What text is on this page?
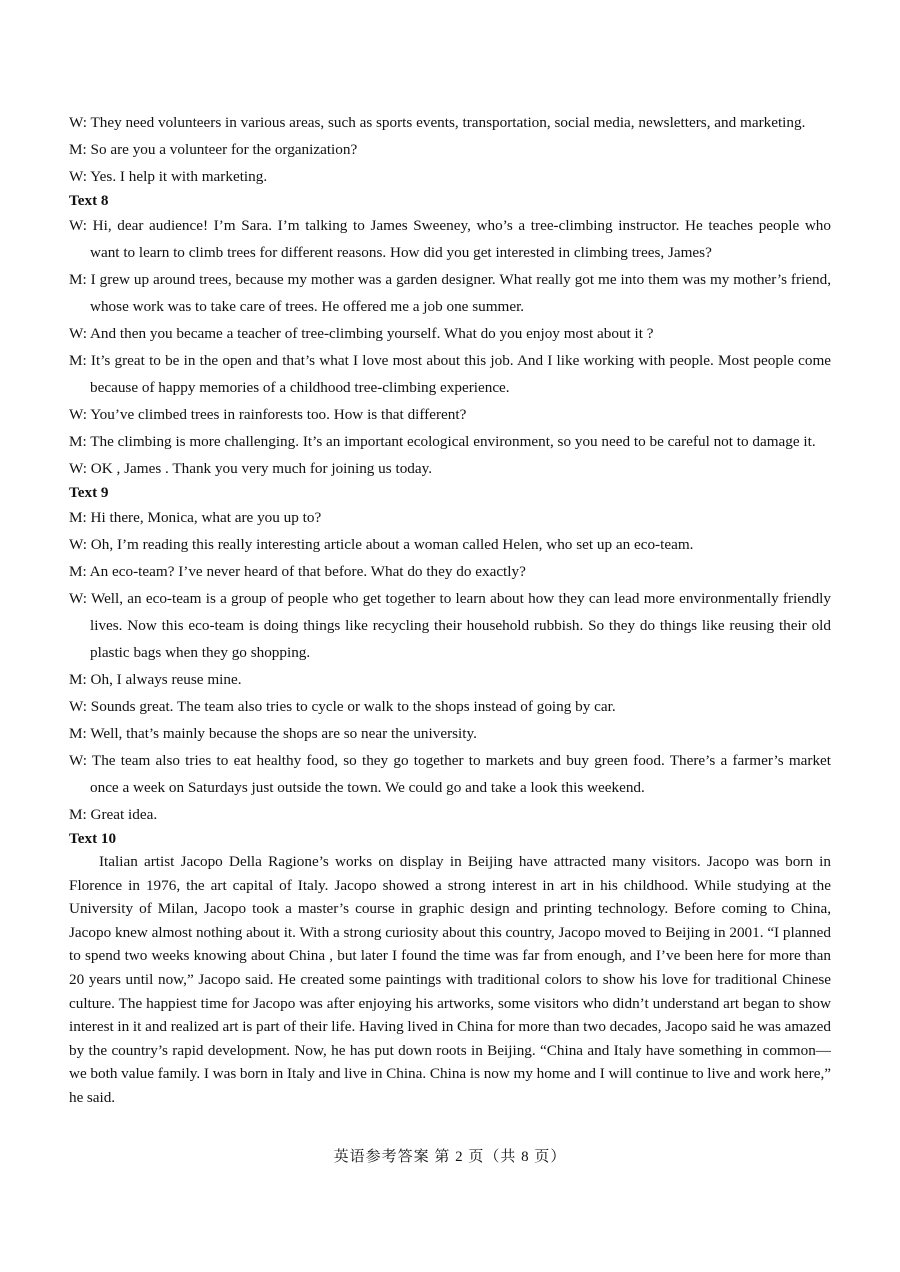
W: They need volunteers in various areas, such as sports events, transportation, social media, newsletters, and marketing.

M: So are you a volunteer for the organization?

W: Yes. I help it with marketing.

Text 8

W: Hi, dear audience! I’m Sara. I’m talking to James Sweeney, who’s a tree-climbing instructor. He teaches people who want to learn to climb trees for different reasons. How did you get interested in climbing trees, James?

M: I grew up around trees, because my mother was a garden designer. What really got me into them was my mother’s friend, whose work was to take care of trees. He offered me a job one summer.

W: And then you became a teacher of tree-climbing yourself. What do you enjoy most about it ?

M: It’s great to be in the open and that’s what I love most about this job. And I like working with people. Most people come because of happy memories of a childhood tree-climbing experience.

W: You’ve climbed trees in rainforests too. How is that different?

M: The climbing is more challenging. It’s an important ecological environment, so you need to be careful not to damage it.

W: OK , James . Thank you very much for joining us today.

Text 9

M: Hi there, Monica, what are you up to?

W: Oh, I’m reading this really interesting article about a woman called Helen, who set up an eco-team.

M: An eco-team? I’ve never heard of that before. What do they do exactly?

W: Well, an eco-team is a group of people who get together to learn about how they can lead more environmentally friendly lives. Now this eco-team is doing things like recycling their household rubbish. So they do things like reusing their old plastic bags when they go shopping.

M: Oh, I always reuse mine.

W: Sounds great. The team also tries to cycle or walk to the shops instead of going by car.

M: Well, that’s mainly because the shops are so near the university.

W: The team also tries to eat healthy food, so they go together to markets and buy green food. There’s a farmer’s market once a week on Saturdays just outside the town. We could go and take a look this weekend.

M: Great idea.

Text 10

Italian artist Jacopo Della Ragione’s works on display in Beijing have attracted many visitors. Jacopo was born in Florence in 1976, the art capital of Italy. Jacopo showed a strong interest in art in his childhood. While studying at the University of Milan, Jacopo took a master’s course in graphic design and printing technology. Before coming to China, Jacopo knew almost nothing about it. With a strong curiosity about this country, Jacopo moved to Beijing in 2001. “I planned to spend two weeks knowing about China , but later I found the time was far from enough, and I’ve been here for more than 20 years until now,” Jacopo said. He created some paintings with traditional colors to show his love for traditional Chinese culture. The happiest time for Jacopo was after enjoying his artworks, some visitors who didn’t understand art began to show interest in it and realized art is part of their life. Having lived in China for more than two decades, Jacopo said he was amazed by the country’s rapid development. Now, he has put down roots in Beijing. “China and Italy have something in common—we both value family. I was born in Italy and live in China. China is now my home and I will continue to live and work here,” he said.

英语参考答案 第 2 页（共 8 页）
